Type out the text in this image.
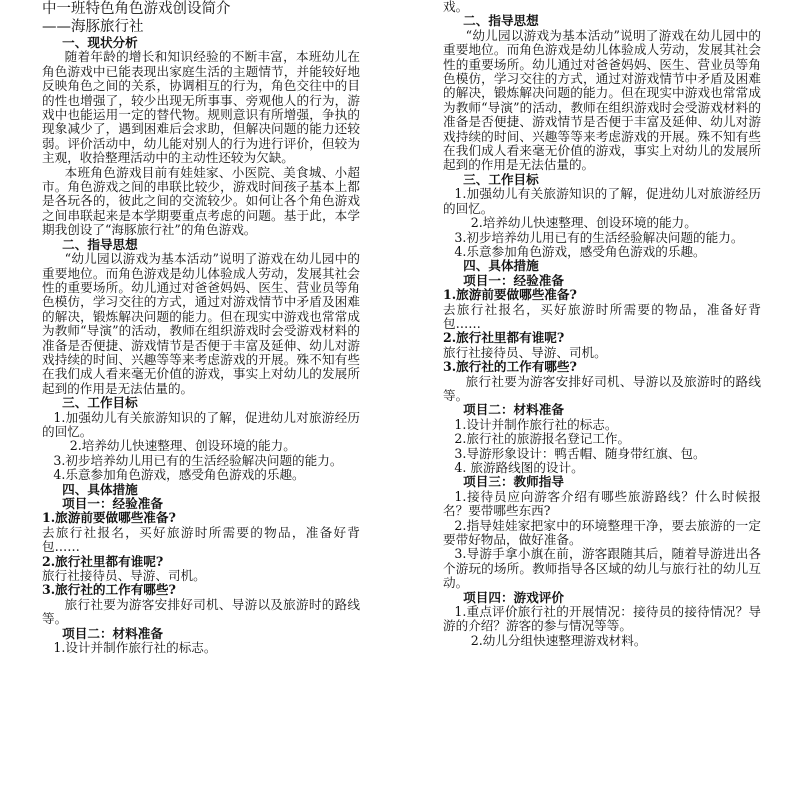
中一班特色角色游戏创设简介

——海豚旅行社

一、现状分析

随着年龄的增长和知识经验的不断丰富，本班幼儿在角色游戏中已能表现出家庭生活的主题情节，并能较好地反映角色之间的关系，协调相互的行为，角色交往中的目的性也增强了，较少出现无所事事、旁观他人的行为，游戏中也能运用一定的替代物。规则意识有所增强，争执的现象减少了，遇到困难后会求助，但解决问题的能力还较弱。评价活动中，幼儿能对别人的行为进行评价，但较为主观，收拾整理活动中的主动性还较为欠缺。

本班角色游戏目前有娃娃家、小医院、美食城、小超市。角色游戏之间的串联比较少，游戏时间孩子基本上都是各玩各的，彼此之间的交流较少。如何让各个角色游戏之间串联起来是本学期要重点考虑的问题。基于此，本学期我创设了“海豚旅行社”的角色游戏。

二、指导思想

“幼儿园以游戏为基本活动”说明了游戏在幼儿园中的重要地位。而角色游戏是幼儿体验成人劳动，发展其社会性的重要场所。幼儿通过对爸爸妈妈、医生、营业员等角色模仿，学习交往的方式，通过对游戏情节中矛盾及困难的解决，锻炼解决问题的能力。但在现实中游戏也常常成为教师“导演”的活动，教师在组织游戏时会受游戏材料的准备是否便捷、游戏情节是否便于丰富及延伸、幼儿对游戏持续的时间、兴趣等等来考虑游戏的开展。殊不知有些在我们成人看来毫无价值的游戏，事实上对幼儿的发展所起到的作用是无法估量的。

三、工作目标

1.加强幼儿有关旅游知识的了解，促进幼儿对旅游经历的回忆。

2.培养幼儿快速整理、创设环境的能力。

3.初步培养幼儿用已有的生活经验解决问题的能力。

4.乐意参加角色游戏，感受角色游戏的乐趣。

四、具体措施

项目一：经验准备

1.旅游前要做哪些准备?

去旅行社报名，买好旅游时所需要的物品，准备好背包……

2.旅行社里都有谁呢?

旅行社接待员、导游、司机。

3.旅行社的工作有哪些?

旅行社要为游客安排好司机、导游以及旅游时的路线等。

项目二：材料准备

1.设计并制作旅行社的标志。

戏。

二、指导思想

“幼儿园以游戏为基本活动”说明了游戏在幼儿园中的重要地位。而角色游戏是幼儿体验成人劳动，发展其社会性的重要场所。幼儿通过对爸爸妈妈、医生、营业员等角色模仿，学习交往的方式，通过对游戏情节中矛盾及困难的解决，锻炼解决问题的能力。但在现实中游戏也常常成为教师“导演”的活动，教师在组织游戏时会受游戏材料的准备是否便捷、游戏情节是否便于丰富及延伸、幼儿对游戏持续的时间、兴趣等等来考虑游戏的开展。殊不知有些在我们成人看来毫无价值的游戏，事实上对幼儿的发展所起到的作用是无法估量的。

三、工作目标

1.加强幼儿有关旅游知识的了解，促进幼儿对旅游经历的回忆。

2.培养幼儿快速整理、创设环境的能力。

3.初步培养幼儿用已有的生活经验解决问题的能力。

4.乐意参加角色游戏，感受角色游戏的乐趣。

四、具体措施

项目一：经验准备

1.旅游前要做哪些准备?

去旅行社报名，买好旅游时所需要的物品，准备好背包……

2.旅行社里都有谁呢?

旅行社接待员、导游、司机。

3.旅行社的工作有哪些?

旅行社要为游客安排好司机、导游以及旅游时的路线等。

项目二：材料准备

1.设计并制作旅行社的标志。

2.旅行社的旅游报名登记工作。

3.导游形象设计：鸭舌帽、随身带红旗、包。

4. 旅游路线图的设计。

项目三：教师指导

1.接待员应向游客介绍有哪些旅游路线？什么时候报名？要带哪些东西?

2.指导娃娃家把家中的环境整理干净，要去旅游的一定要带好物品，做好准备。

3.导游手拿小旗在前，游客跟随其后，随着导游进出各个游玩的场所。教师指导各区域的幼儿与旅行社的幼儿互动。

项目四：游戏评价

1.重点评价旅行社的开展情况：接待员的接待情况？导游的介绍？游客的参与情况等等。

2.幼儿分组快速整理游戏材料。
